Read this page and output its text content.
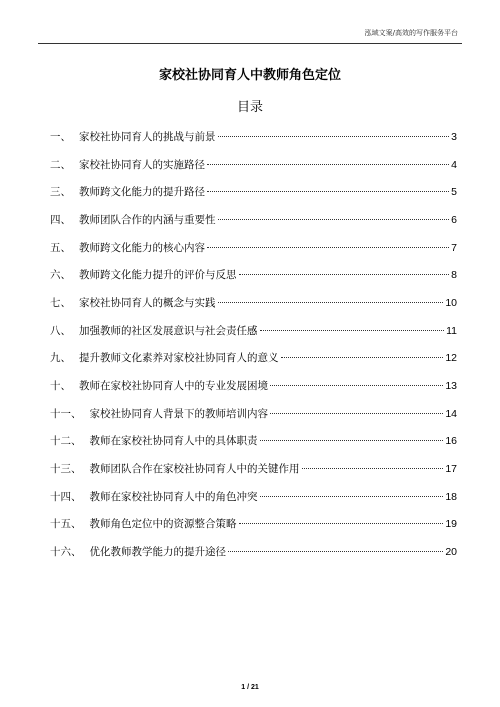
泓域文案/高效的写作服务平台
家校社协同育人中教师角色定位
目录
一、 家校社协同育人的挑战与前景	3
二、 家校社协同育人的实施路径	4
三、 教师跨文化能力的提升路径	5
四、 教师团队合作的内涵与重要性	6
五、 教师跨文化能力的核心内容	7
六、 教师跨文化能力提升的评价与反思	8
七、 家校社协同育人的概念与实践	10
八、 加强教师的社区发展意识与社会责任感	11
九、 提升教师文化素养对家校社协同育人的意义	12
十、 教师在家校社协同育人中的专业发展困境	13
十一、 家校社协同育人背景下的教师培训内容	14
十二、 教师在家校社协同育人中的具体职责	16
十三、 教师团队合作在家校社协同育人中的关键作用	17
十四、 教师在家校社协同育人中的角色冲突	18
十五、 教师角色定位中的资源整合策略	19
十六、 优化教师教学能力的提升途径	20
1 / 21
